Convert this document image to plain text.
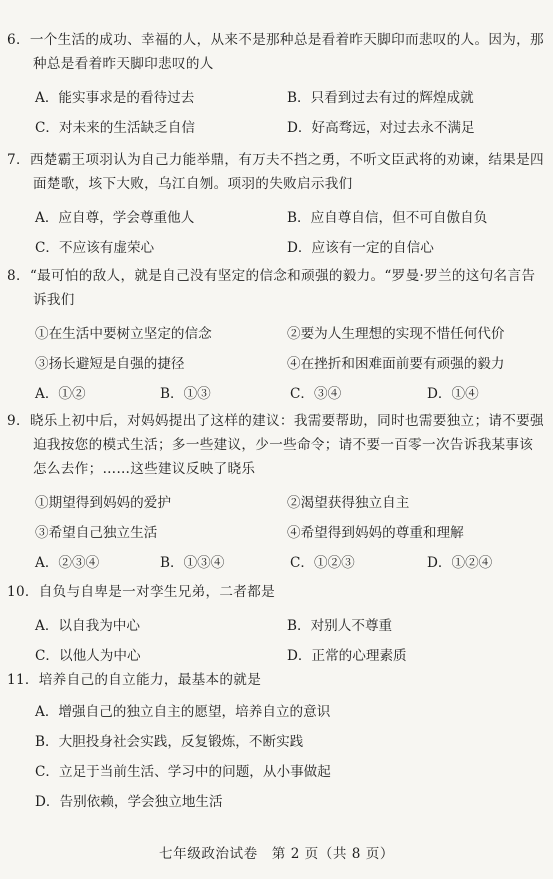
6．一个生活的成功、幸福的人，从来不是那种总是看着昨天脚印而悲叹的人。因为，那种总是看着昨天脚印悲叹的人
A．能实事求是的看待过去	B．只看到过去有过的辉煌成就
C．对未来的生活缺乏自信	D．好高骛远，对过去永不满足
7．西楚霸王项羽认为自己力能举鼎，有万夫不挡之勇，不听文臣武将的劝谏，结果是四面楚歌，垓下大败，乌江自刎。项羽的失败启示我们
A．应自尊，学会尊重他人	B．应自尊自信，但不可自傲自负
C．不应该有虚荣心	D．应该有一定的自信心
8．“最可怕的敌人，就是自己没有坚定的信念和顽强的毅力。“罗曼·罗兰的这句名言告诉我们
①在生活中要树立坚定的信念	②要为人生理想的实现不惜任何代价
③扬长避短是自强的捷径	④在挫折和困难面前要有顽强的毅力
A．①②	B．①③	C．③④	D．①④
9．晓乐上初中后，对妈妈提出了这样的建议：我需要帮助，同时也需要独立；请不要强迫我按您的模式生活；多一些建议，少一些命令；请不要一百零一次告诉我某事该怎么去作；……这些建议反映了晓乐
①期望得到妈妈的爱护	②渴望获得独立自主
③希望自己独立生活	④希望得到妈妈的尊重和理解
A．②③④	B．①③④	C．①②③	D．①②④
10．自负与自卑是一对孪生兄弟，二者都是
A．以自我为中心	B．对别人不尊重
C．以他人为中心	D．正常的心理素质
11．培养自己的自立能力，最基本的就是
A．增强自己的独立自主的愿望，培养自立的意识
B．大胆投身社会实践，反复锻炼，不断实践
C．立足于当前生活、学习中的问题，从小事做起
D．告别依赖，学会独立地生活
七年级政治试卷　第 2 页（共 8 页）
